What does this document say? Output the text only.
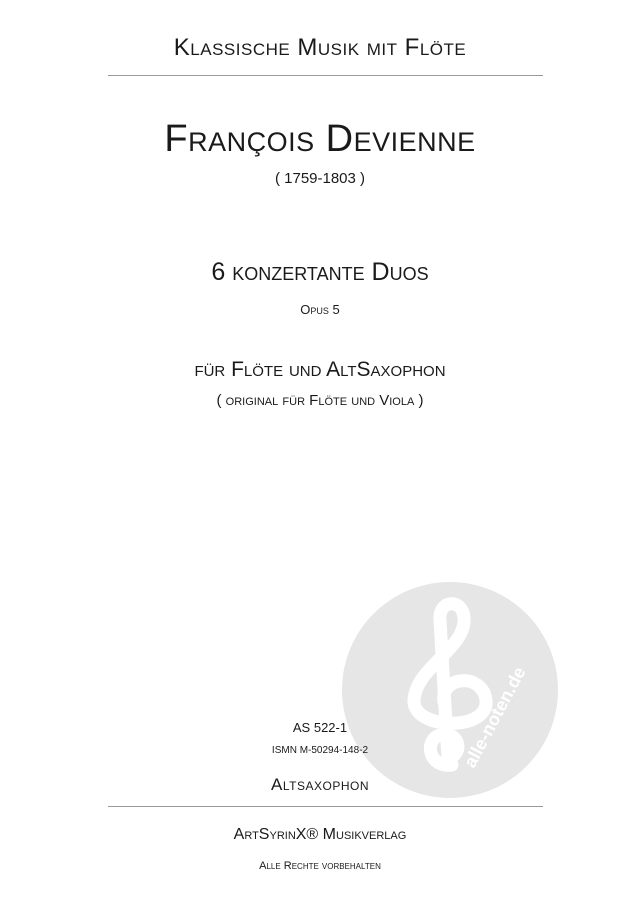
Klassische Musik mit Flöte
François Devienne
( 1759-1803 )
6 konzertante Duos
Opus 5
für Flöte und AltSaxophon
( original für Flöte und Viola )
alle-noten.de
AS 522-1
ISMN M-50294-148-2
Altsaxophon
ArtSyrinX® Musikverlag
Alle Rechte vorbehalten
